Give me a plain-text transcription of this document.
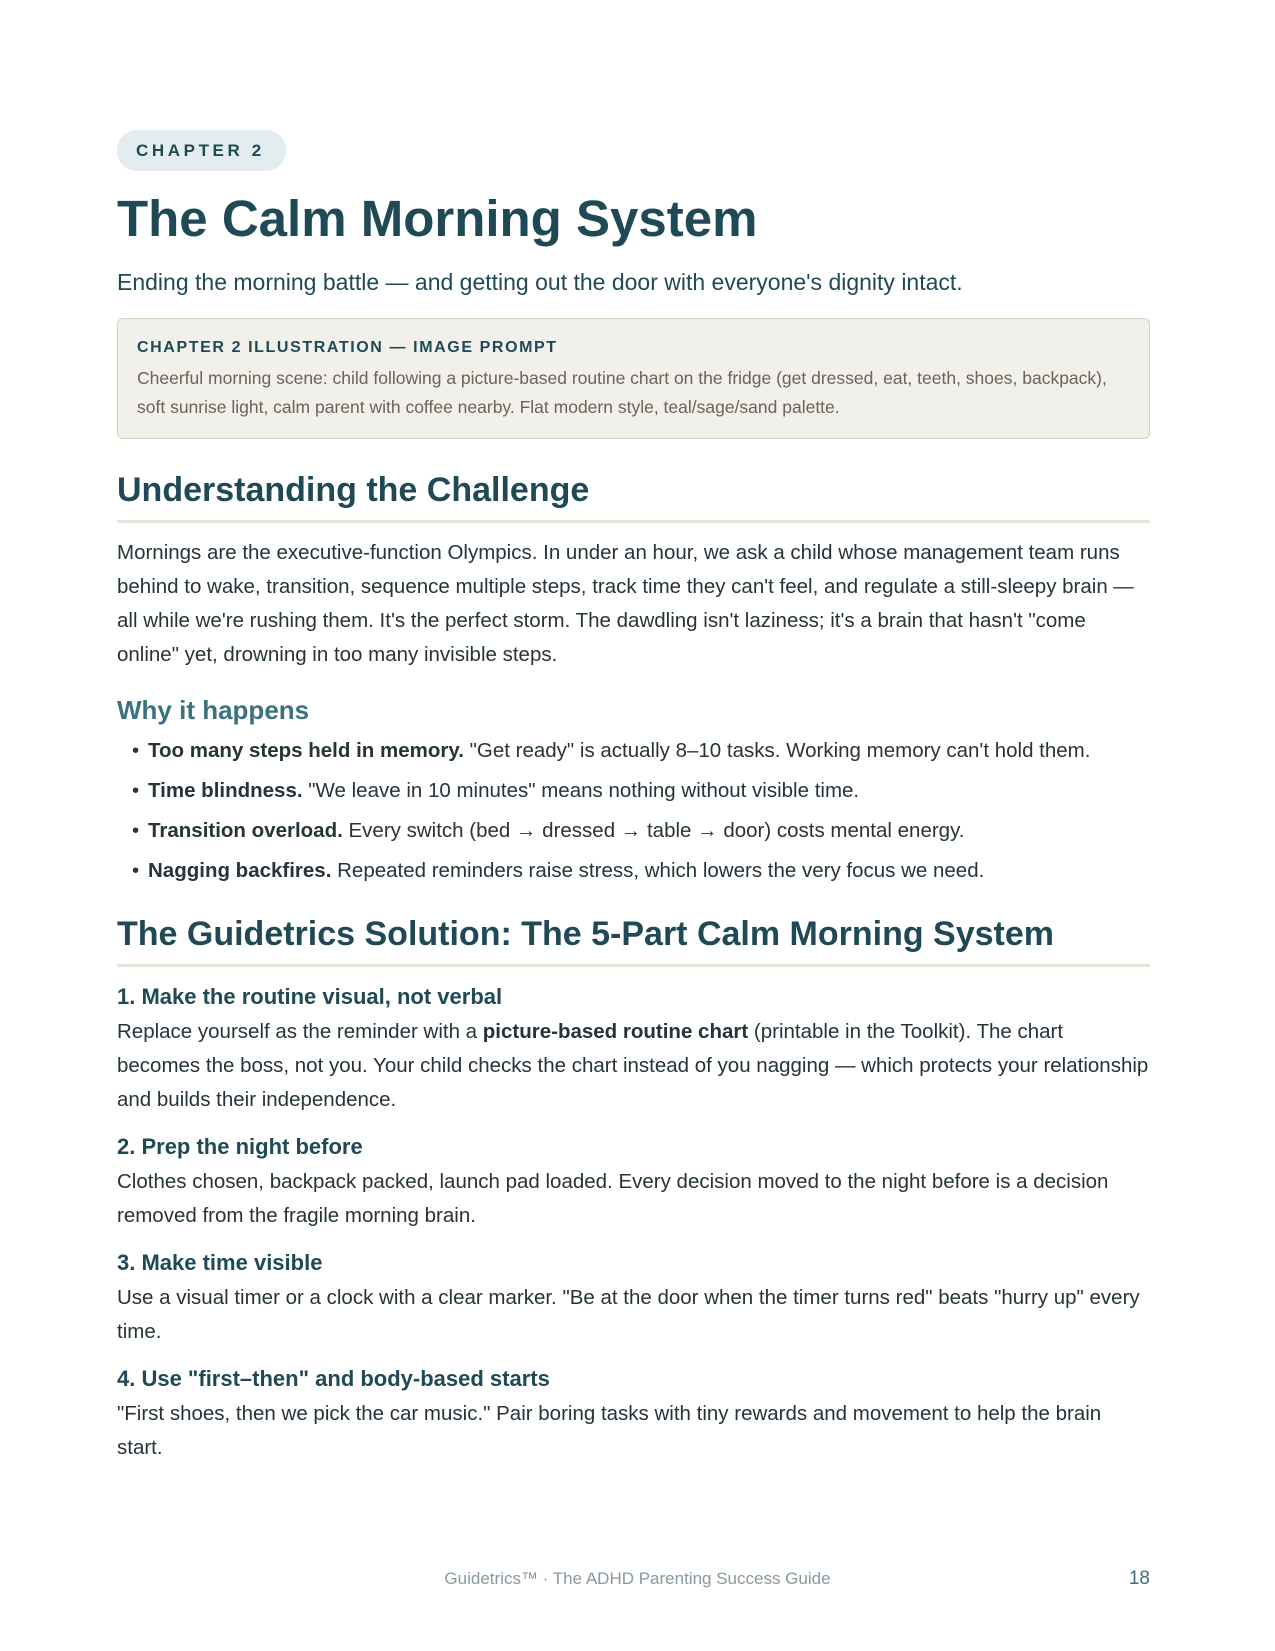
CHAPTER 2
The Calm Morning System
Ending the morning battle — and getting out the door with everyone's dignity intact.
CHAPTER 2 ILLUSTRATION — IMAGE PROMPT
Cheerful morning scene: child following a picture-based routine chart on the fridge (get dressed, eat, teeth, shoes, backpack), soft sunrise light, calm parent with coffee nearby. Flat modern style, teal/sage/sand palette.
Understanding the Challenge

Mornings are the executive-function Olympics. In under an hour, we ask a child whose management team runs behind to wake, transition, sequence multiple steps, track time they can't feel, and regulate a still-sleepy brain — all while we're rushing them. It's the perfect storm. The dawdling isn't laziness; it's a brain that hasn't "come online" yet, drowning in too many invisible steps.

Why it happens
• Too many steps held in memory. "Get ready" is actually 8–10 tasks. Working memory can't hold them.
• Time blindness. "We leave in 10 minutes" means nothing without visible time.
• Transition overload. Every switch (bed → dressed → table → door) costs mental energy.
• Nagging backfires. Repeated reminders raise stress, which lowers the very focus we need.
The Guidetrics Solution: The 5-Part Calm Morning System
1. Make the routine visual, not verbal

Replace yourself as the reminder with a picture-based routine chart (printable in the Toolkit). The chart becomes the boss, not you. Your child checks the chart instead of you nagging — which protects your relationship and builds their independence.

2. Prep the night before

Clothes chosen, backpack packed, launch pad loaded. Every decision moved to the night before is a decision removed from the fragile morning brain.

3. Make time visible

Use a visual timer or a clock with a clear marker. "Be at the door when the timer turns red" beats "hurry up" every time.

4. Use "first–then" and body-based starts

"First shoes, then we pick the car music." Pair boring tasks with tiny rewards and movement to help the brain start.

Guidetrics™ · The ADHD Parenting Success Guide	18
